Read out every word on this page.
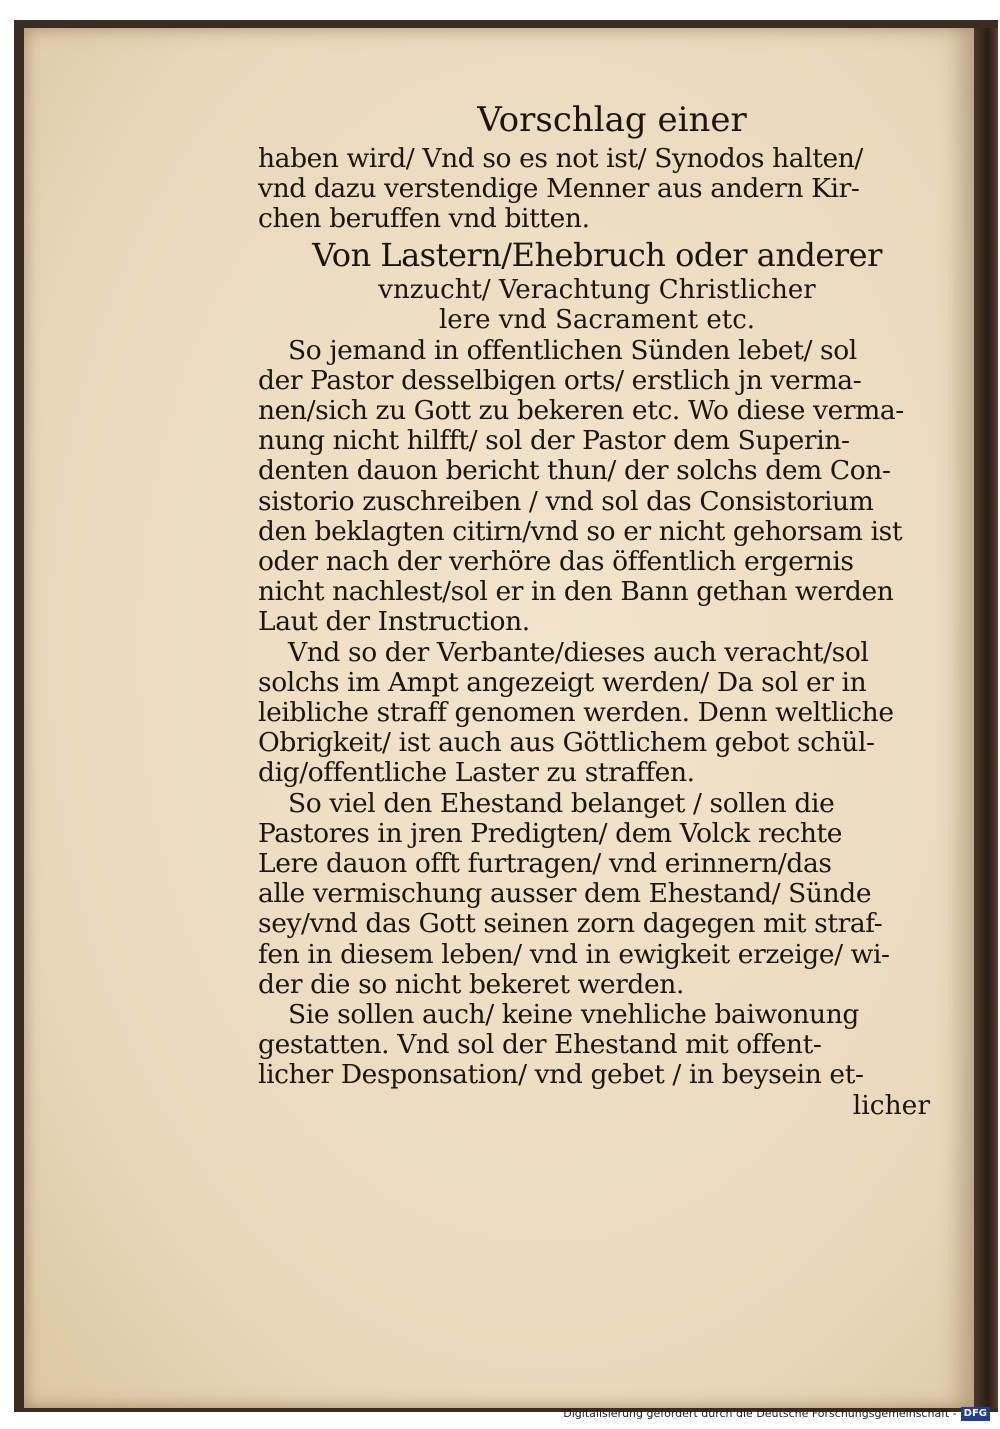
Vorschlag einer
haben wird/ Vnd so es not ist/ Synodos halten/
vnd dazu verstendige Menner aus andern Kir-
chen beruffen vnd bitten.
Von Lastern/Ehebruch oder anderer
vnzucht/ Verachtung Christlicher
lere vnd Sacrament etc.
So jemand in offentlichen Sünden lebet/ sol
der Pastor desselbigen orts/ erstlich jn verma-
nen/sich zu Gott zu bekeren etc. Wo diese verma-
nung nicht hilfft/ sol der Pastor dem Superin-
denten dauon bericht thun/ der solchs dem Con-
sistorio zuschreiben / vnd sol das Consistorium
den beklagten citirn/vnd so er nicht gehorsam ist
oder nach der verhöre das öffentlich ergernis
nicht nachlest/sol er in den Bann gethan werden
Laut der Instruction.
Vnd so der Verbante/dieses auch veracht/sol
solchs im Ampt angezeigt werden/ Da sol er in
leibliche straff genomen werden. Denn weltliche
Obrigkeit/ ist auch aus Göttlichem gebot schül-
dig/offentliche Laster zu straffen.
So viel den Ehestand belanget / sollen die
Pastores in jren Predigten/ dem Volck rechte
Lere dauon offt furtragen/ vnd erinnern/das
alle vermischung ausser dem Ehestand/ Sünde
sey/vnd das Gott seinen zorn dagegen mit straf-
fen in diesem leben/ vnd in ewigkeit erzeige/ wi-
der die so nicht bekeret werden.
Sie sollen auch/ keine vnehliche baiwonung
gestatten. Vnd sol der Ehestand mit offent-
licher Desponsation/ vnd gebet / in beysein et-
licher
Digitalisierung gefördert durch die Deutsche Forschungsgemeinschaft - DFG
